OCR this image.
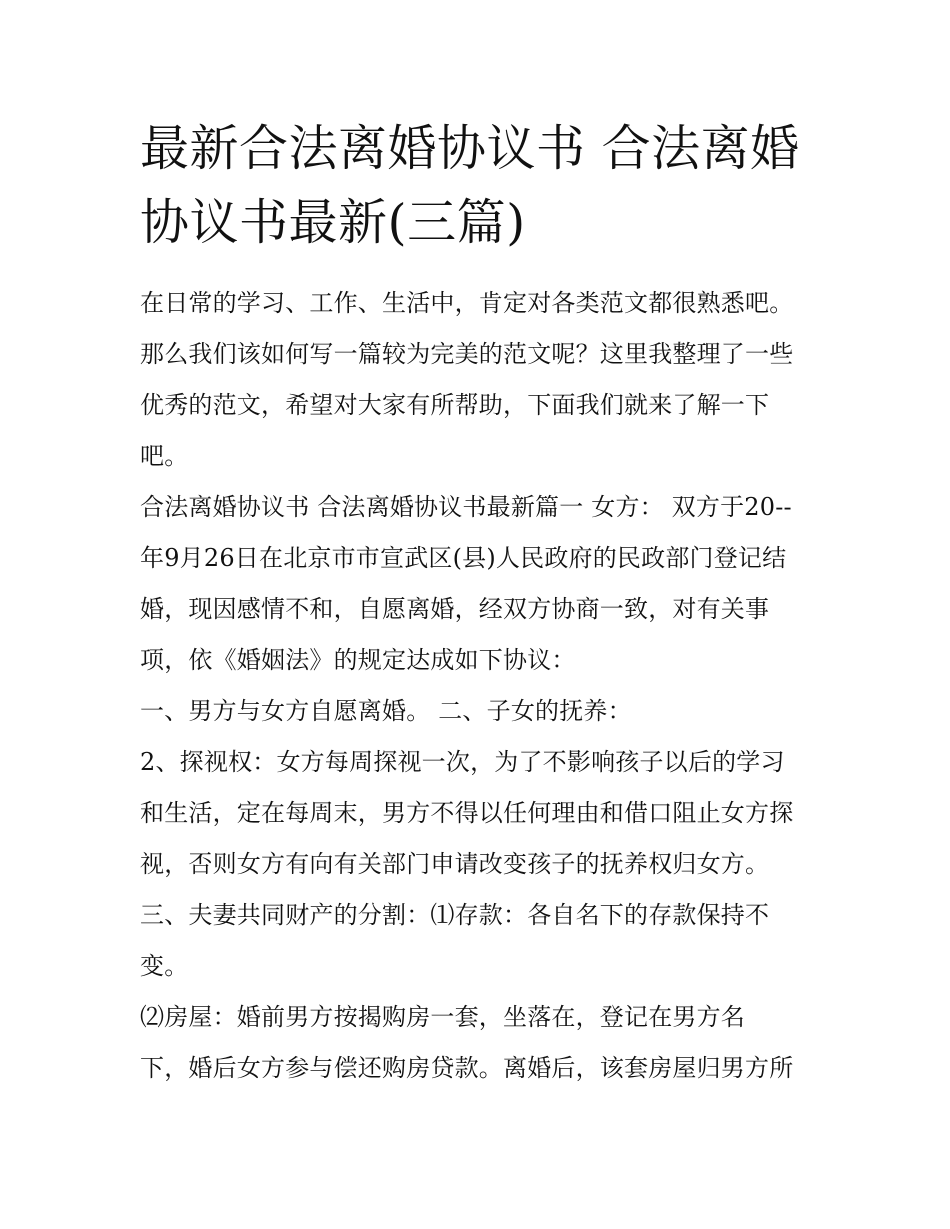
最新合法离婚协议书 合法离婚
协议书最新(三篇)

在日常的学习、工作、生活中，肯定对各类范文都很熟悉吧。
那么我们该如何写一篇较为完美的范文呢？这里我整理了一些
优秀的范文，希望对大家有所帮助，下面我们就来了解一下
吧。

合法离婚协议书 合法离婚协议书最新篇一 女方： 双方于20--
年9月26日在北京市市宣武区(县)人民政府的民政部门登记结
婚，现因感情不和，自愿离婚，经双方协商一致，对有关事
项，依《婚姻法》的规定达成如下协议：

一、男方与女方自愿离婚。 二、子女的抚养：

2、探视权：女方每周探视一次，为了不影响孩子以后的学习
和生活，定在每周末，男方不得以任何理由和借口阻止女方探
视，否则女方有向有关部门申请改变孩子的抚养权归女方。

三、夫妻共同财产的分割：⑴存款：各自名下的存款保持不
变。

⑵房屋：婚前男方按揭购房一套，坐落在，登记在男方名
下，婚后女方参与偿还购房贷款。离婚后，该套房屋归男方所
